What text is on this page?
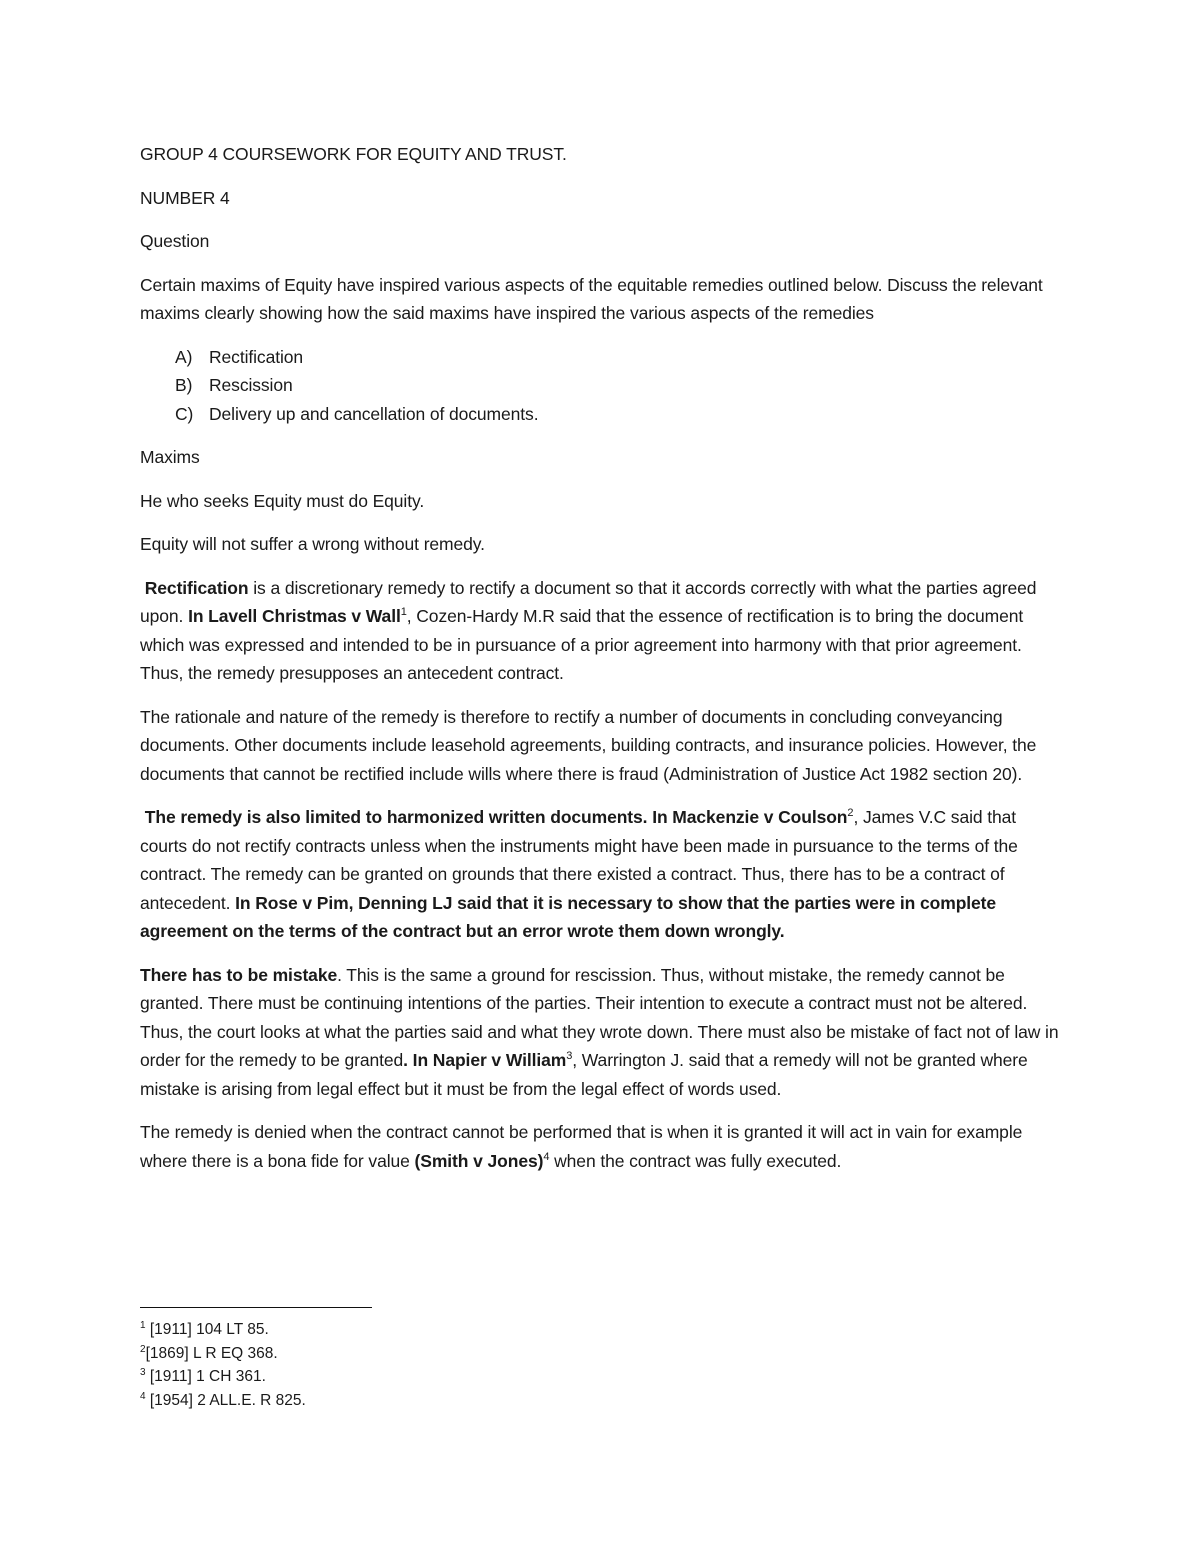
GROUP 4 COURSEWORK FOR EQUITY AND TRUST.

NUMBER 4

Question

Certain maxims of Equity have inspired various aspects of the equitable remedies outlined below. Discuss the relevant maxims clearly showing how the said maxims have inspired the various aspects of the remedies

A) Rectification
B) Rescission
C) Delivery up and cancellation of documents.

Maxims

He who seeks Equity must do Equity.

Equity will not suffer a wrong without remedy.

Rectification is a discretionary remedy to rectify a document so that it accords correctly with what the parties agreed upon. In Lavell Christmas v Wall$^1$, Cozen-Hardy M.R said that the essence of rectification is to bring the document which was expressed and intended to be in pursuance of a prior agreement into harmony with that prior agreement. Thus, the remedy presupposes an antecedent contract.

The rationale and nature of the remedy is therefore to rectify a number of documents in concluding conveyancing documents. Other documents include leasehold agreements, building contracts, and insurance policies. However, the documents that cannot be rectified include wills where there is fraud (Administration of Justice Act 1982 section 20).

The remedy is also limited to harmonized written documents. In Mackenzie v Coulson$^2$, James V.C said that courts do not rectify contracts unless when the instruments might have been made in pursuance to the terms of the contract. The remedy can be granted on grounds that there existed a contract. Thus, there has to be a contract of antecedent. In Rose v Pim, Denning LJ said that it is necessary to show that the parties were in complete agreement on the terms of the contract but an error wrote them down wrongly.

There has to be mistake. This is the same a ground for rescission. Thus, without mistake, the remedy cannot be granted. There must be continuing intentions of the parties. Their intention to execute a contract must not be altered. Thus, the court looks at what the parties said and what they wrote down. There must also be mistake of fact not of law in order for the remedy to be granted. In Napier v William$^3$, Warrington J. said that a remedy will not be granted where mistake is arising from legal effect but it must be from the legal effect of words used.

The remedy is denied when the contract cannot be performed that is when it is granted it will act in vain for example where there is a bona fide for value (Smith v Jones)$^4$ when the contract was fully executed.

$^1$ [1911] 104 LT 85.

$^2$[1869] L R EQ 368.

$^3$ [1911] 1 CH 361.

$^4$ [1954] 2 ALL.E. R 825.
